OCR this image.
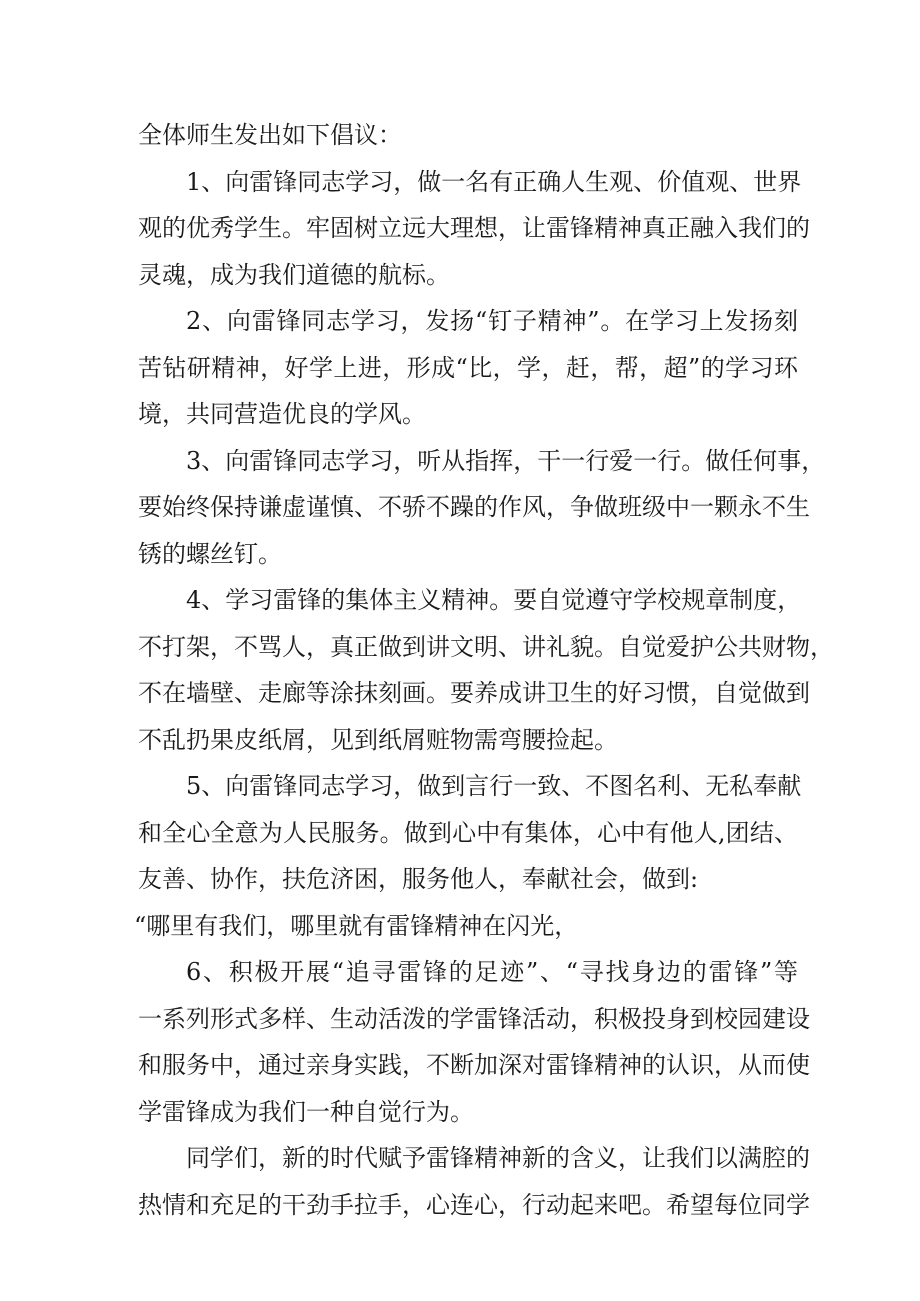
全体师生发出如下倡议：
1、向雷锋同志学习，做一名有正确人生观、价值观、世界
观的优秀学生。牢固树立远大理想，让雷锋精神真正融入我们的
灵魂，成为我们道德的航标。
2、向雷锋同志学习，发扬“钉子精神”。在学习上发扬刻
苦钻研精神，好学上进，形成“比，学，赶，帮，超”的学习环
境，共同营造优良的学风。
3、向雷锋同志学习，听从指挥，干一行爱一行。做任何事，
要始终保持谦虚谨慎、不骄不躁的作风，争做班级中一颗永不生
锈的螺丝钉。
4、学习雷锋的集体主义精神。要自觉遵守学校规章制度，
不打架，不骂人，真正做到讲文明、讲礼貌。自觉爱护公共财物，
不在墙壁、走廊等涂抹刻画。要养成讲卫生的好习惯，自觉做到
不乱扔果皮纸屑，见到纸屑赃物需弯腰捡起。
5、向雷锋同志学习，做到言行一致、不图名利、无私奉献
和全心全意为人民服务。做到心中有集体，心中有他人,团结、
友善、协作，扶危济困，服务他人，奉献社会，做到:
“哪里有我们，哪里就有雷锋精神在闪光，
6、积极开展“追寻雷锋的足迹”、“寻找身边的雷锋”等
一系列形式多样、生动活泼的学雷锋活动，积极投身到校园建设
和服务中，通过亲身实践，不断加深对雷锋精神的认识，从而使
学雷锋成为我们一种自觉行为。
同学们，新的时代赋予雷锋精神新的含义，让我们以满腔的
热情和充足的干劲手拉手，心连心，行动起来吧。希望每位同学
